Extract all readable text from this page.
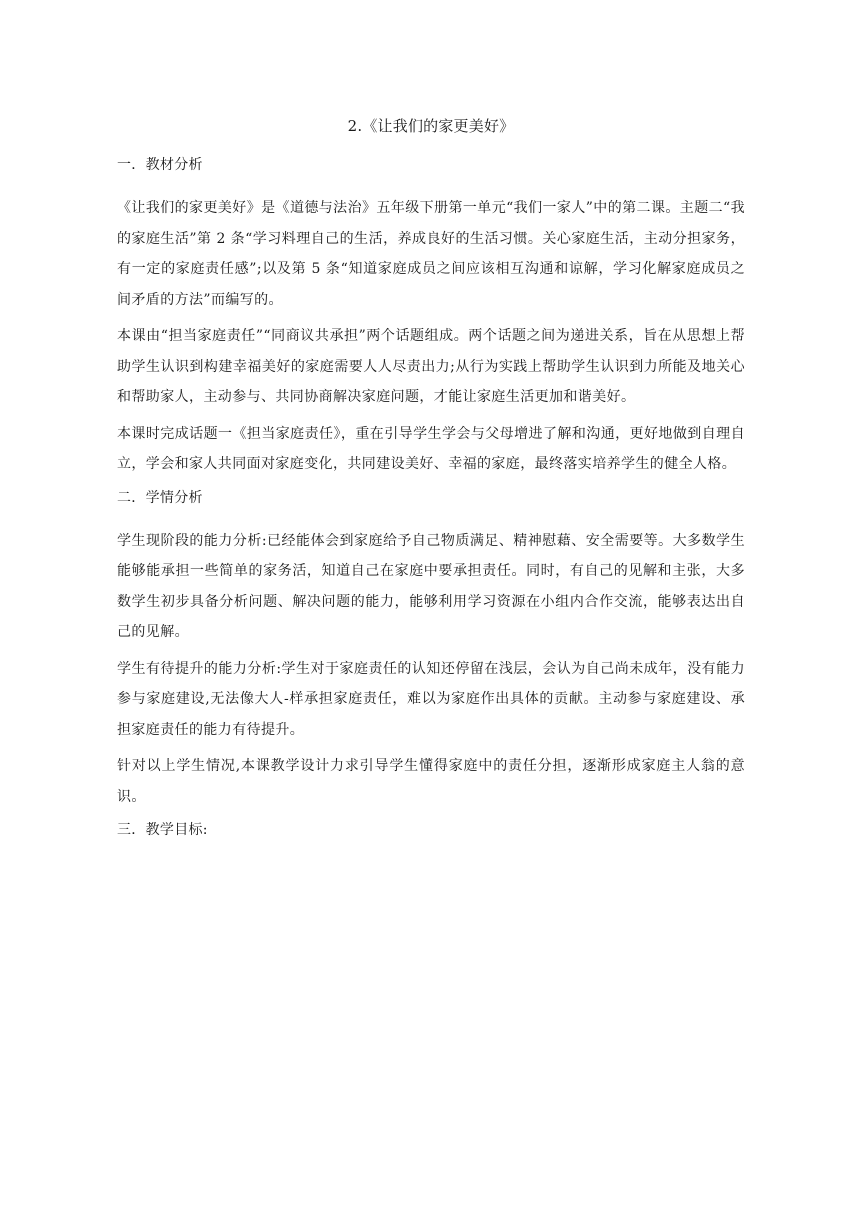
2.《让我们的家更美好》
一．教材分析

《让我们的家更美好》是《道德与法治》五年级下册第一单元“我们一家人”中的第二课。主题二“我的家庭生活”第 2 条“学习料理自己的生活，养成良好的生活习惯。关心家庭生活，主动分担家务，有一定的家庭责任感”;以及第 5 条“知道家庭成员之间应该相互沟通和谅解，学习化解家庭成员之间矛盾的方法”而编写的。

本课由“担当家庭责任”“同商议共承担”两个话题组成。两个话题之间为递进关系，旨在从思想上帮助学生认识到构建幸福美好的家庭需要人人尽责出力;从行为实践上帮助学生认识到力所能及地关心和帮助家人，主动参与、共同协商解决家庭问题，才能让家庭生活更加和谐美好。

本课时完成话题一《担当家庭责任》，重在引导学生学会与父母增进了解和沟通，更好地做到自理自立，学会和家人共同面对家庭变化，共同建设美好、幸福的家庭，最终落实培养学生的健全人格。

二．学情分析

学生现阶段的能力分析:已经能体会到家庭给予自己物质满足、精神慰藉、安全需要等。大多数学生能够能承担一些简单的家务活，知道自己在家庭中要承担责任。同时，有自己的见解和主张，大多数学生初步具备分析问题、解决问题的能力，能够利用学习资源在小组内合作交流，能够表达出自己的见解。

学生有待提升的能力分析:学生对于家庭责任的认知还停留在浅层，会认为自己尚未成年，没有能力参与家庭建设,无法像大人-样承担家庭责任，难以为家庭作出具体的贡献。主动参与家庭建设、承担家庭责任的能力有待提升。

针对以上学生情况,本课教学设计力求引导学生懂得家庭中的责任分担，逐渐形成家庭主人翁的意识。

三．教学目标:
